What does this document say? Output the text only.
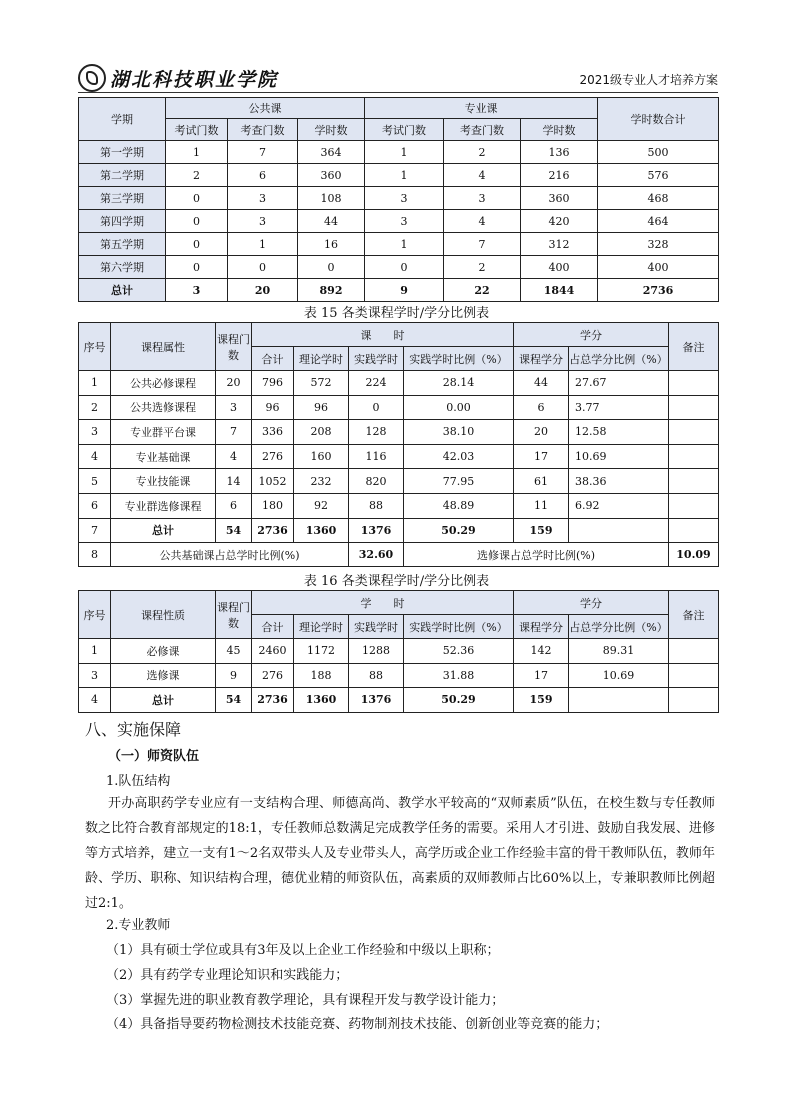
湖北科技职业学院	2021级专业人才培养方案
学期	公共课			专业课			学时数合计
	考试门数	考查门数	学时数	考试门数	考查门数	学时数	
第一学期	1	7	364	1	2	136	500
第二学期	2	6	360	1	4	216	576
第三学期	0	3	108	3	3	360	468
第四学期	0	3	44	3	4	420	464
第五学期	0	1	16	1	7	312	328
第六学期	0	0	0	0	2	400	400
总计	3	20	892	9	22	1844	2736
表 15 各类课程学时/学分比例表
序号	课程属性	课程门数	课　　时				学分		备注
			合计	理论学时	实践学时	实践学时比例（%）	课程学分	占总学分比例（%）	
1	公共必修课程	20	796	572	224	28.14	44	27.67	
2	公共选修课程	3	96	96	0	0.00	6	3.77	
3	专业群平台课	7	336	208	128	38.10	20	12.58	
4	专业基础课	4	276	160	116	42.03	17	10.69	
5	专业技能课	14	1052	232	820	77.95	61	38.36	
6	专业群选修课程	6	180	92	88	48.89	11	6.92	
7	总计	54	2736	1360	1376	50.29	159		
8	公共基础课占总学时比例(%)				32.60	选修课占总学时比例(%)			10.09
表 16 各类课程学时/学分比例表
序号	课程性质	课程门数	学　　时				学分		备注
			合计	理论学时	实践学时	实践学时比例（%）	课程学分	占总学分比例（%）	
1	必修课	45	2460	1172	1288	52.36	142	89.31	
3	选修课	9	276	188	88	31.88	17	10.69	
4	总计	54	2736	1360	1376	50.29	159		
八、实施保障
（一）师资队伍
1.队伍结构
开办高职药学专业应有一支结构合理、师德高尚、教学水平较高的“双师素质”队伍，在校生数与专任教师数之比符合教育部规定的18:1，专任教师总数满足完成教学任务的需要。采用人才引进、鼓励自我发展、进修等方式培养，建立一支有1～2名双带头人及专业带头人，高学历或企业工作经验丰富的骨干教师队伍，教师年龄、学历、职称、知识结构合理，德优业精的师资队伍，高素质的双师教师占比60%以上，专兼职教师比例超过2:1。
2.专业教师
（1）具有硕士学位或具有3年及以上企业工作经验和中级以上职称；
（2）具有药学专业理论知识和实践能力；
（3）掌握先进的职业教育教学理论，具有课程开发与教学设计能力；
（4）具备指导要药物检测技术技能竞赛、药物制剂技术技能、创新创业等竞赛的能力；
